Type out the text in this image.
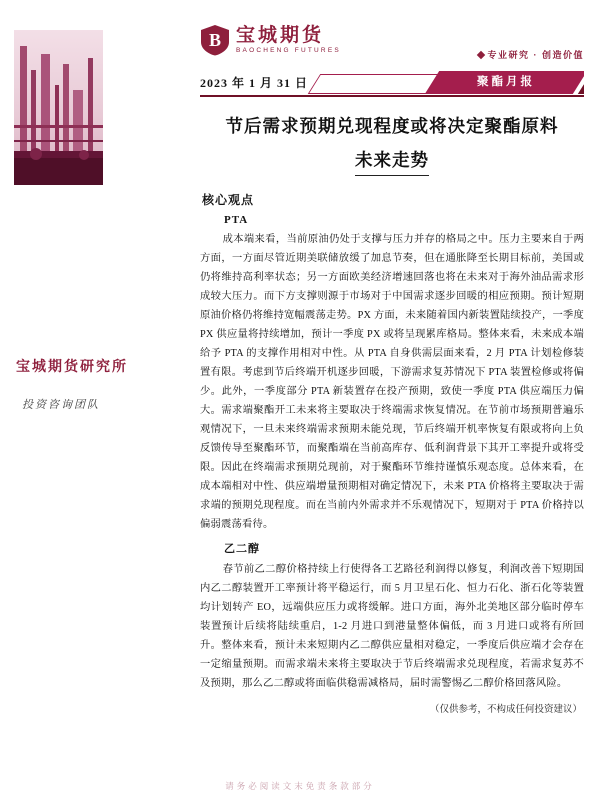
宝城期货研究所
投资咨询团队
B 宝城期货
BAOCHENG FUTURES	专业研究 · 创造价值
2023 年 1 月 31 日	聚酯月报
节后需求预期兑现程度或将决定聚酯原料
未来走势
核心观点
PTA

成本端来看，当前原油仍处于支撑与压力并存的格局之中。压力主要来自于两方面，一方面尽管近期美联储放缓了加息节奏，但在通胀降至长期目标前，美国或仍将维持高利率状态；另一方面欧美经济增速回落也将在未来对于海外油品需求形成较大压力。而下方支撑则源于市场对于中国需求逐步回暖的相应预期。预计短期原油价格仍将维持宽幅震荡走势。PX 方面，未来随着国内新装置陆续投产，一季度 PX 供应量将持续增加，预计一季度 PX 或将呈现累库格局。整体来看，未来成本端给予 PTA 的支撑作用相对中性。从 PTA 自身供需层面来看，2 月 PTA 计划检修装置有限。考虑到节后终端开机逐步回暖，下游需求复苏情况下 PTA 装置检修或将偏少。此外，一季度部分 PTA 新装置存在投产预期，致使一季度 PTA 供应端压力偏大。需求端聚酯开工未来将主要取决于终端需求恢复情况。在节前市场预期普遍乐观情况下，一旦未来终端需求预期未能兑现，节后终端开机率恢复有限或将向上负反馈传导至聚酯环节，而聚酯端在当前高库存、低利润背景下其开工率提升或将受限。因此在终端需求预期兑现前，对于聚酯环节维持谨慎乐观态度。总体来看，在成本端相对中性、供应端增量预期相对确定情况下，未来 PTA 价格将主要取决于需求端的预期兑现程度。而在当前内外需求并不乐观情况下，短期对于 PTA 价格持以偏弱震荡看待。

乙二醇

春节前乙二醇价格持续上行使得各工艺路径利润得以修复，利润改善下短期国内乙二醇装置开工率预计将平稳运行，而 5 月卫星石化、恒力石化、浙石化等装置均计划转产 EO，远端供应压力或将缓解。进口方面，海外北美地区部分临时停车装置预计后续将陆续重启，1-2 月进口到港量整体偏低，而 3 月进口或将有所回升。整体来看，预计未来短期内乙二醇供应量相对稳定，一季度后供应端才会存在一定缩量预期。而需求端未来将主要取决于节后终端需求兑现程度，若需求复苏不及预期，那么乙二醇或将面临供稳需减格局，届时需警惕乙二醇价格回落风险。

（仅供参考，不构成任何投资建议）
请务必阅读文末免责条款部分
